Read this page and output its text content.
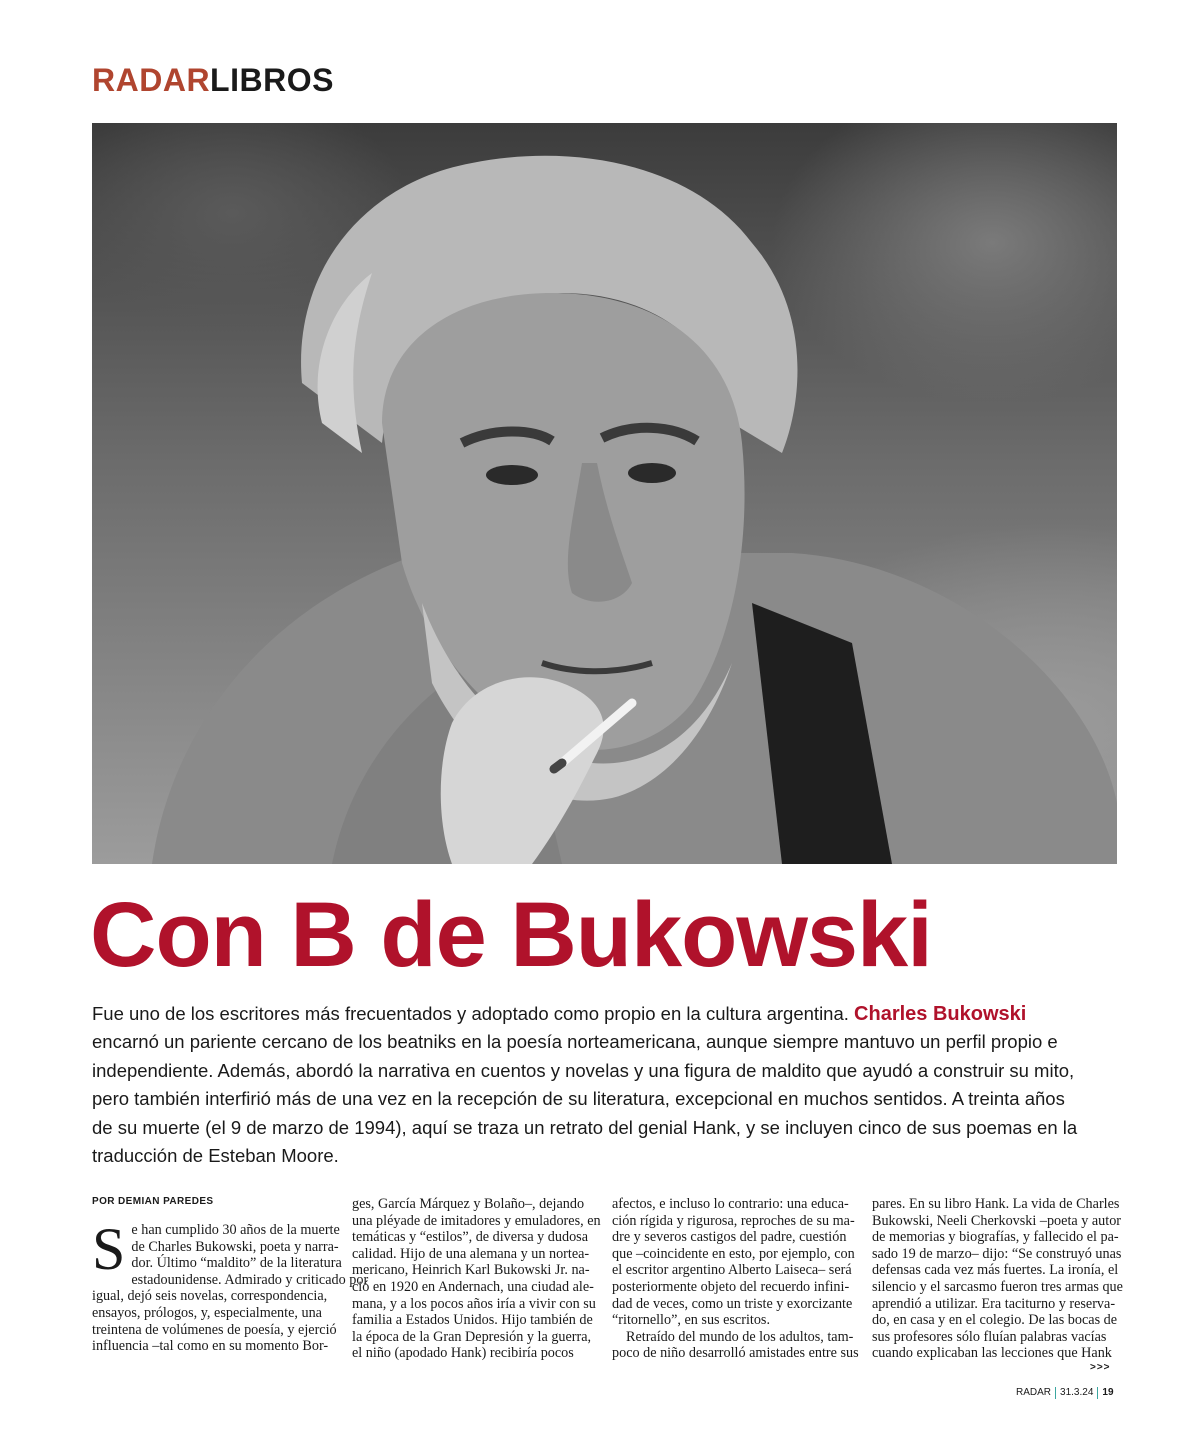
RADARLIBROS
Con B de Bukowski
Fue uno de los escritores más frecuentados y adoptado como propio en la cultura argentina. Charles Bukowski encarnó un pariente cercano de los beatniks en la poesía norteamericana, aunque siempre mantuvo un perfil propio e independiente. Además, abordó la narrativa en cuentos y novelas y una figura de maldito que ayudó a construir su mito, pero también interfirió más de una vez en la recepción de su literatura, excepcional en muchos sentidos. A treinta años de su muerte (el 9 de marzo de 1994), aquí se traza un retrato del genial Hank, y se incluyen cinco de sus poemas en la traducción de Esteban Moore.
POR DEMIAN PAREDES
S e han cumplido 30 años de la muerte

de Charles Bukowski, poeta y narra-

dor. Último “maldito” de la literatura

estadounidense. Admirado y criticado por

igual, dejó seis novelas, correspondencia,

ensayos, prólogos, y, especialmente, una

treintena de volúmenes de poesía, y ejerció

influencia –tal como en su momento Bor-

ges, García Márquez y Bolaño–, dejando

una pléyade de imitadores y emuladores, en

temáticas y “estilos”, de diversa y dudosa

calidad. Hijo de una alemana y un nortea-

mericano, Heinrich Karl Bukowski Jr. na-

ció en 1920 en Andernach, una ciudad ale-

mana, y a los pocos años iría a vivir con su

familia a Estados Unidos. Hijo también de

la época de la Gran Depresión y la guerra,

el niño (apodado Hank) recibiría pocos

afectos, e incluso lo contrario: una educa-

ción rígida y rigurosa, reproches de su ma-

dre y severos castigos del padre, cuestión

que –coincidente en esto, por ejemplo, con

el escritor argentino Alberto Laiseca– será

posteriormente objeto del recuerdo infini-

dad de veces, como un triste y exorcizante

“ritornello”, en sus escritos.

Retraído del mundo de los adultos, tam-

poco de niño desarrolló amistades entre sus

pares. En su libro Hank. La vida de Charles

Bukowski, Neeli Cherkovski –poeta y autor

de memorias y biografías, y fallecido el pa-

sado 19 de marzo– dijo: “Se construyó unas

defensas cada vez más fuertes. La ironía, el

silencio y el sarcasmo fueron tres armas que

aprendió a utilizar. Era taciturno y reserva-

do, en casa y en el colegio. De las bocas de

sus profesores sólo fluían palabras vacías

cuando explicaban las lecciones que Hank

>>>
RADAR 31.3.24 19
